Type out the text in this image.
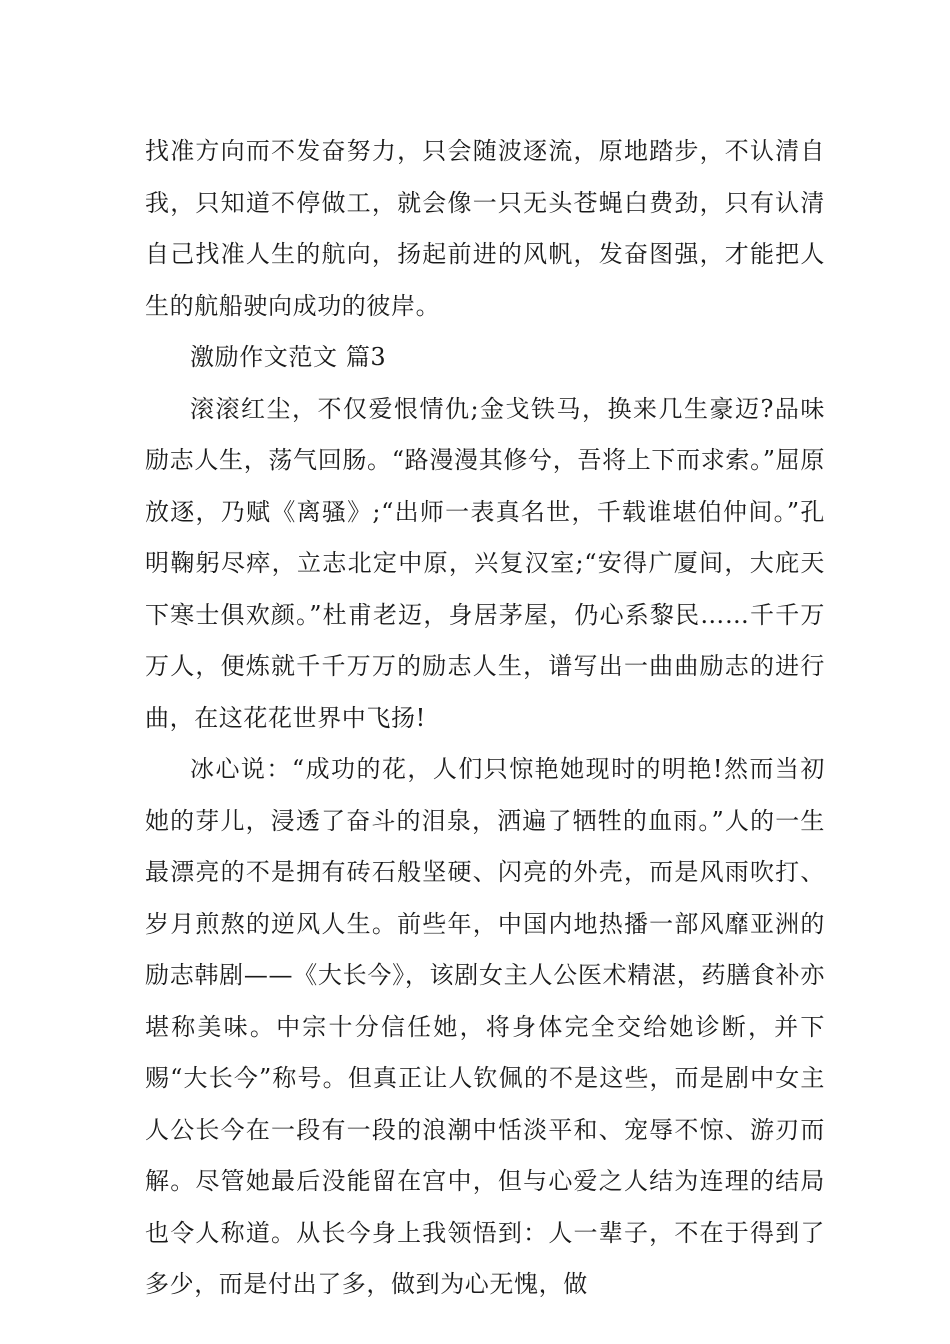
找准方向而不发奋努力，只会随波逐流，原地踏步，不认清自我，只知道不停做工，就会像一只无头苍蝇白费劲，只有认清自己找准人生的航向，扬起前进的风帆，发奋图强，才能把人生的航船驶向成功的彼岸。

激励作文范文 篇3

滚滚红尘，不仅爱恨情仇;金戈铁马，换来几生豪迈?品味励志人生，荡气回肠。“路漫漫其修兮，吾将上下而求索。”屈原放逐，乃赋《离骚》;“出师一表真名世，千载谁堪伯仲间。”孔明鞠躬尽瘁，立志北定中原，兴复汉室;“安得广厦间，大庇天下寒士俱欢颜。”杜甫老迈，身居茅屋，仍心系黎民……千千万万人，便炼就千千万万的励志人生，谱写出一曲曲励志的进行曲，在这花花世界中飞扬!

冰心说：“成功的花，人们只惊艳她现时的明艳!然而当初她的芽儿，浸透了奋斗的泪泉，洒遍了牺牲的血雨。”人的一生最漂亮的不是拥有砖石般坚硬、闪亮的外壳，而是风雨吹打、岁月煎熬的逆风人生。前些年，中国内地热播一部风靡亚洲的励志韩剧——《大长今》，该剧女主人公医术精湛，药膳食补亦堪称美味。中宗十分信任她，将身体完全交给她诊断，并下赐“大长今”称号。但真正让人钦佩的不是这些，而是剧中女主人公长今在一段有一段的浪潮中恬淡平和、宠辱不惊、游刃而解。尽管她最后没能留在宫中，但与心爱之人结为连理的结局也令人称道。从长今身上我领悟到：人一辈子，不在于得到了多少，而是付出了多，做到为心无愧，做
